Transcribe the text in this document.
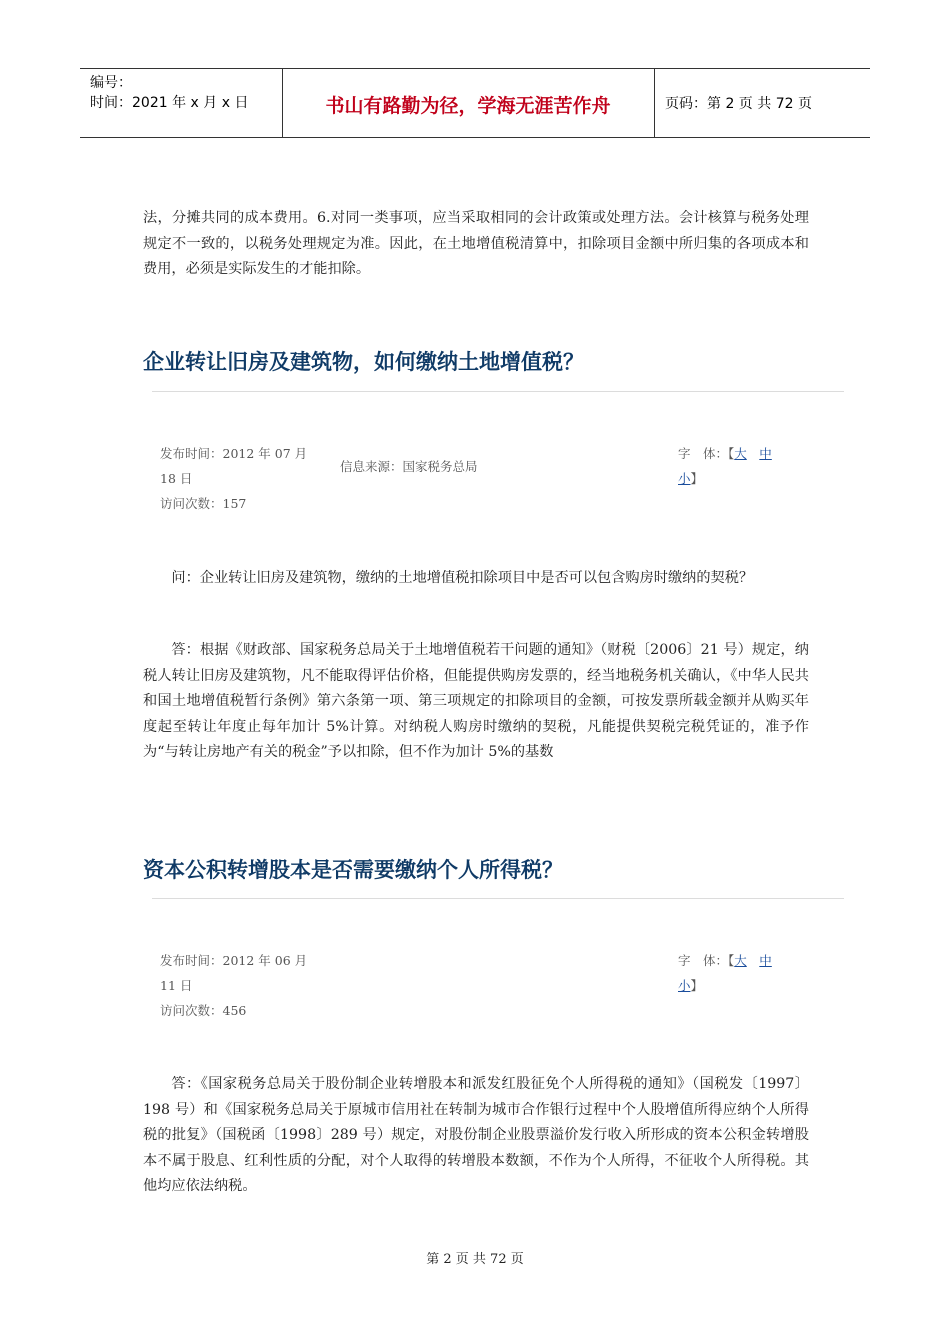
编号：
时间：2021 年 x 月 x 日	书山有路勤为径，学海无涯苦作舟	页码：第 2 页 共 72 页
法，分摊共同的成本费用。6.对同一类事项，应当采取相同的会计政策或处理方法。会计核算与税务处理规定不一致的，以税务处理规定为准。因此，在土地增值税清算中，扣除项目金额中所归集的各项成本和费用，必须是实际发生的才能扣除。
企业转让旧房及建筑物，如何缴纳土地增值税？
发布时间：2012 年 07 月
18 日
访问次数：157
信息来源：国家税务总局
字　体：【大　 中
小】
问：企业转让旧房及建筑物，缴纳的土地增值税扣除项目中是否可以包含购房时缴纳的契税？
答：根据《财政部、国家税务总局关于土地增值税若干问题的通知》（财税〔2006〕21 号）规定，纳税人转让旧房及建筑物，凡不能取得评估价格，但能提供购房发票的，经当地税务机关确认，《中华人民共和国土地增值税暂行条例》第六条第一项、第三项规定的扣除项目的金额，可按发票所载金额并从购买年度起至转让年度止每年加计 5%计算。对纳税人购房时缴纳的契税，凡能提供契税完税凭证的，准予作为“与转让房地产有关的税金”予以扣除，但不作为加计 5%的基数
资本公积转增股本是否需要缴纳个人所得税？
发布时间：2012 年 06 月
11 日
访问次数：456
字　体：【大　 中
小】
答：《国家税务总局关于股份制企业转增股本和派发红股征免个人所得税的通知》（国税发〔1997〕198 号）和《国家税务总局关于原城市信用社在转制为城市合作银行过程中个人股增值所得应纳个人所得税的批复》（国税函〔1998〕289 号）规定，对股份制企业股票溢价发行收入所形成的资本公积金转增股本不属于股息、红利性质的分配，对个人取得的转增股本数额，不作为个人所得，不征收个人所得税。其他均应依法纳税。
第 2 页 共 72 页
